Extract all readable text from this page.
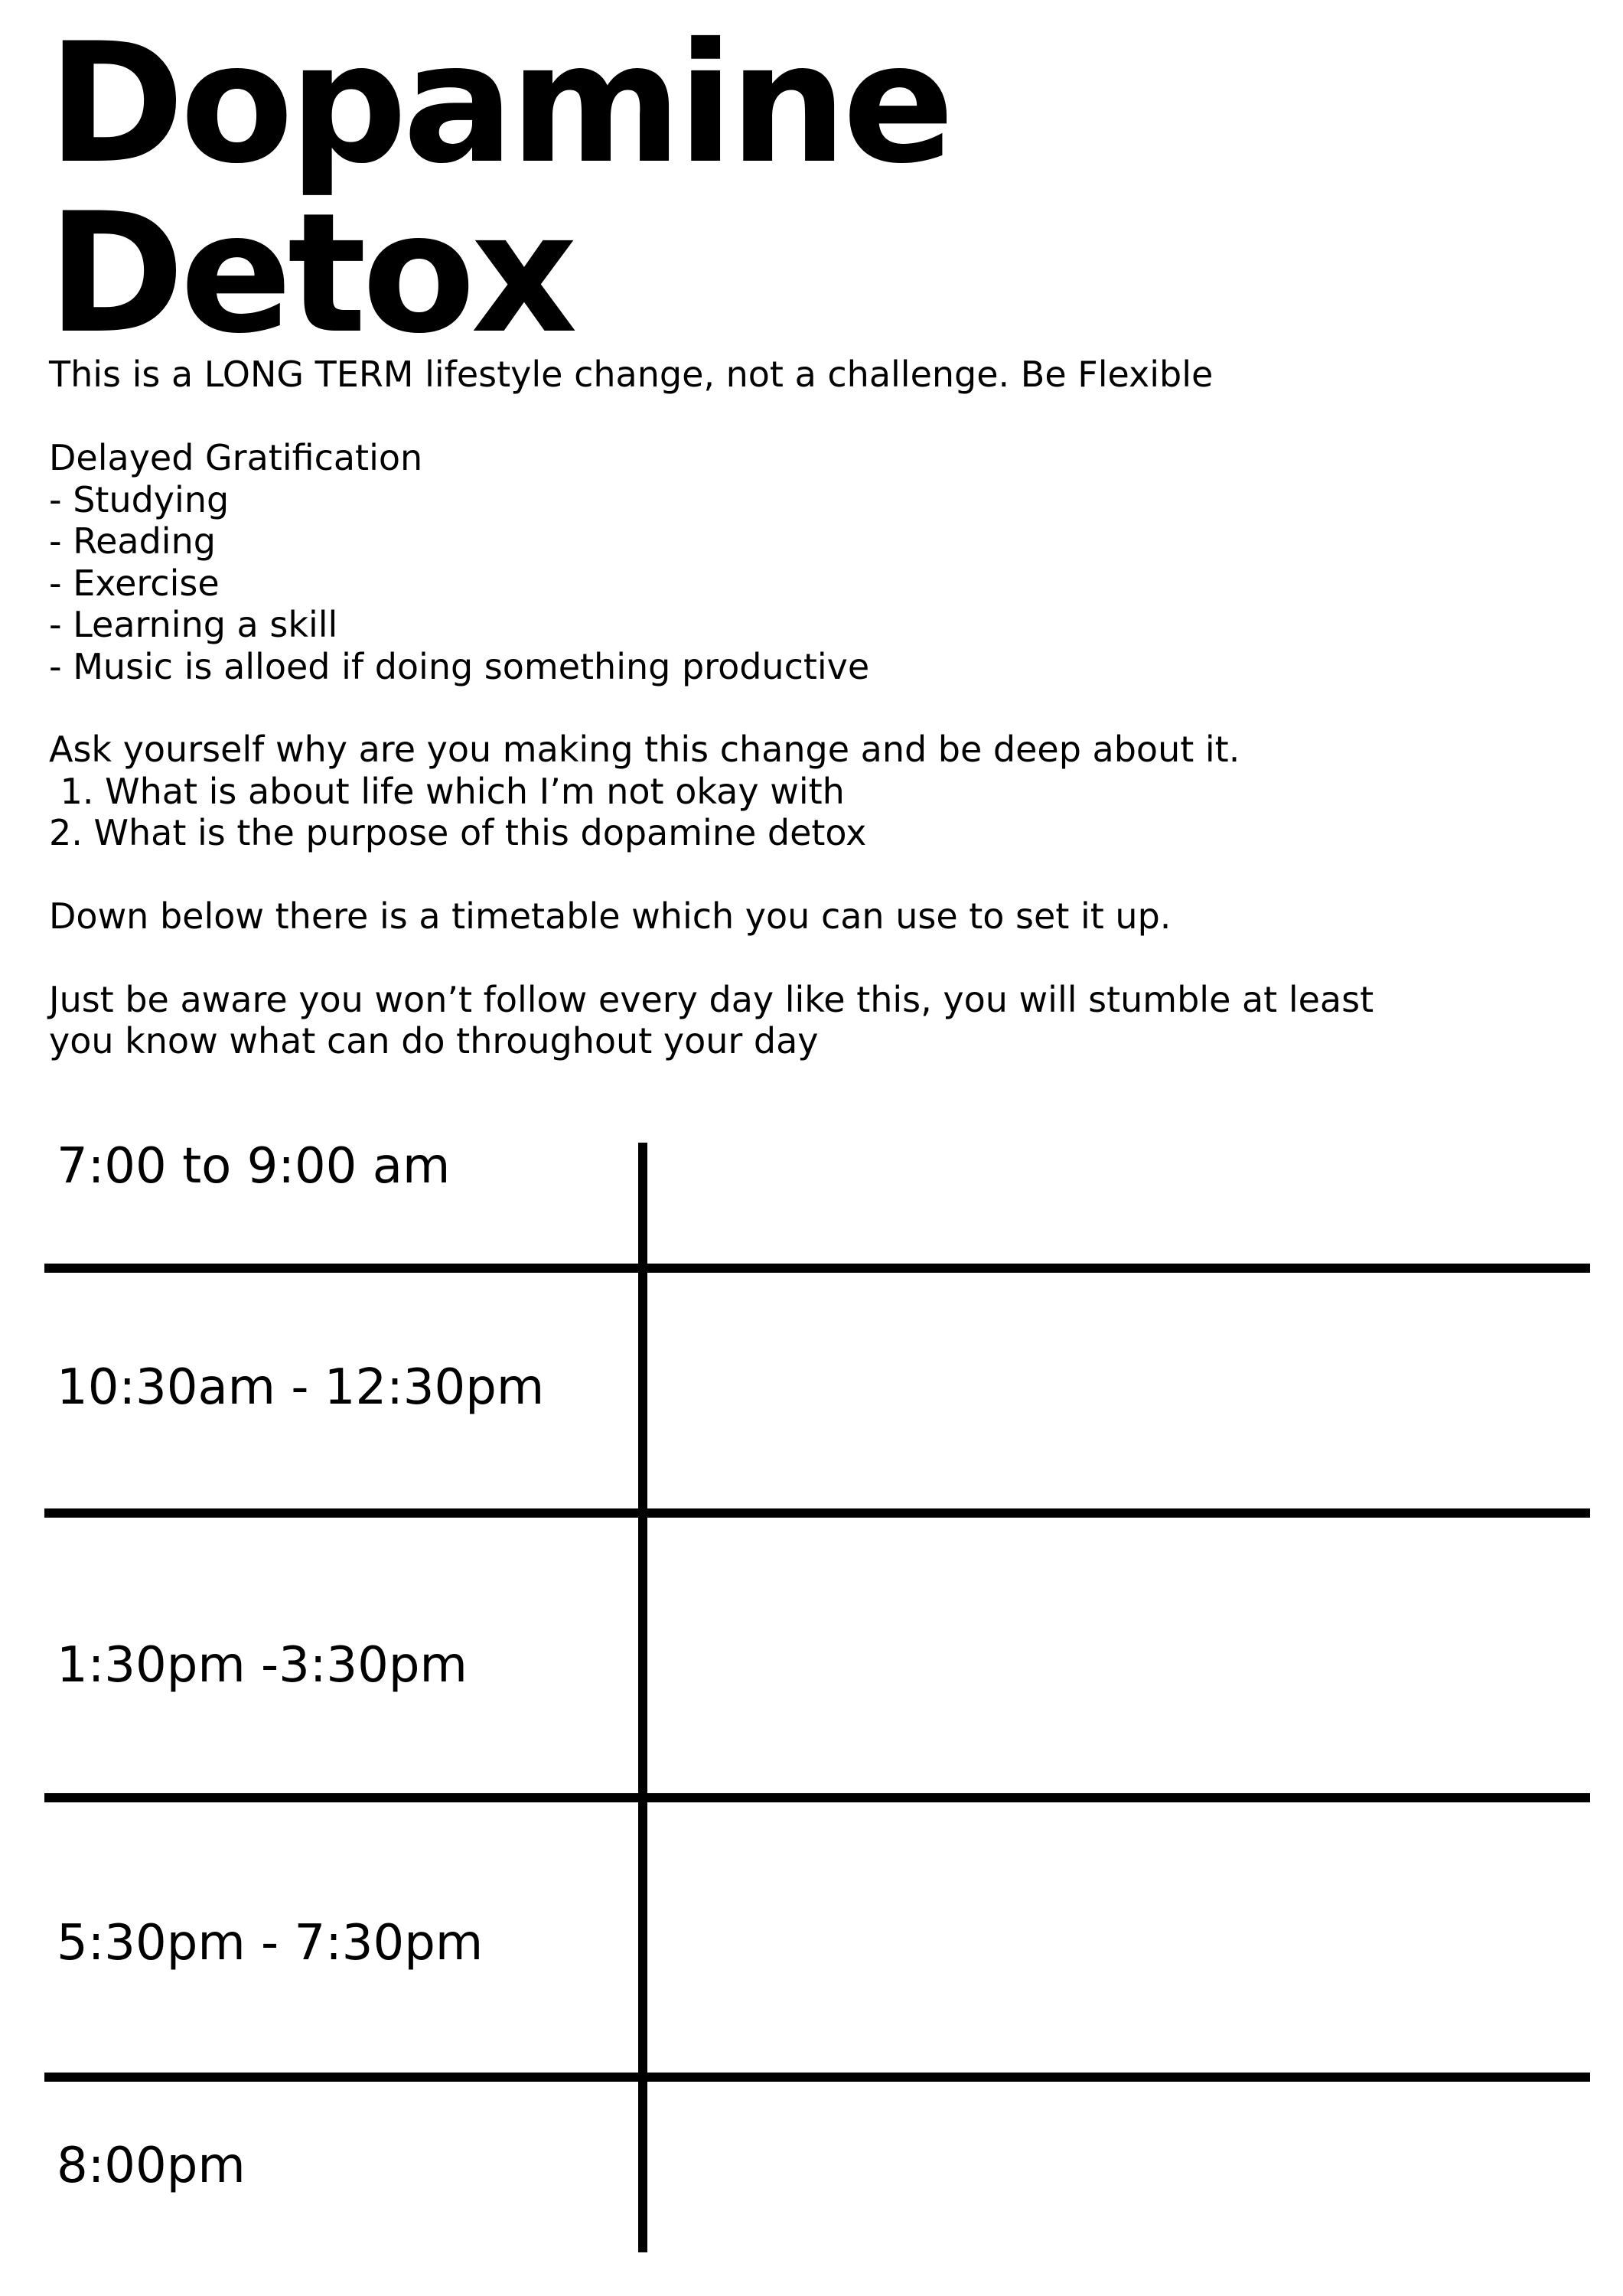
Dopamine
Detox

This is a LONG TERM lifestyle change, not a challenge. Be Flexible

Delayed Gratification

- Studying

- Reading

- Exercise

- Learning a skill

- Music is alloed if doing something productive

Ask yourself why are you making this change and be deep about it.

1. What is about life which I’m not okay with

2. What is the purpose of this dopamine detox

Down below there is a timetable which you can use to set it up.

Just be aware you won’t follow every day like this, you will stumble at least

you know what can do throughout your day

7:00 to 9:00 am

10:30am - 12:30pm

1:30pm -3:30pm

5:30pm - 7:30pm

8:00pm
